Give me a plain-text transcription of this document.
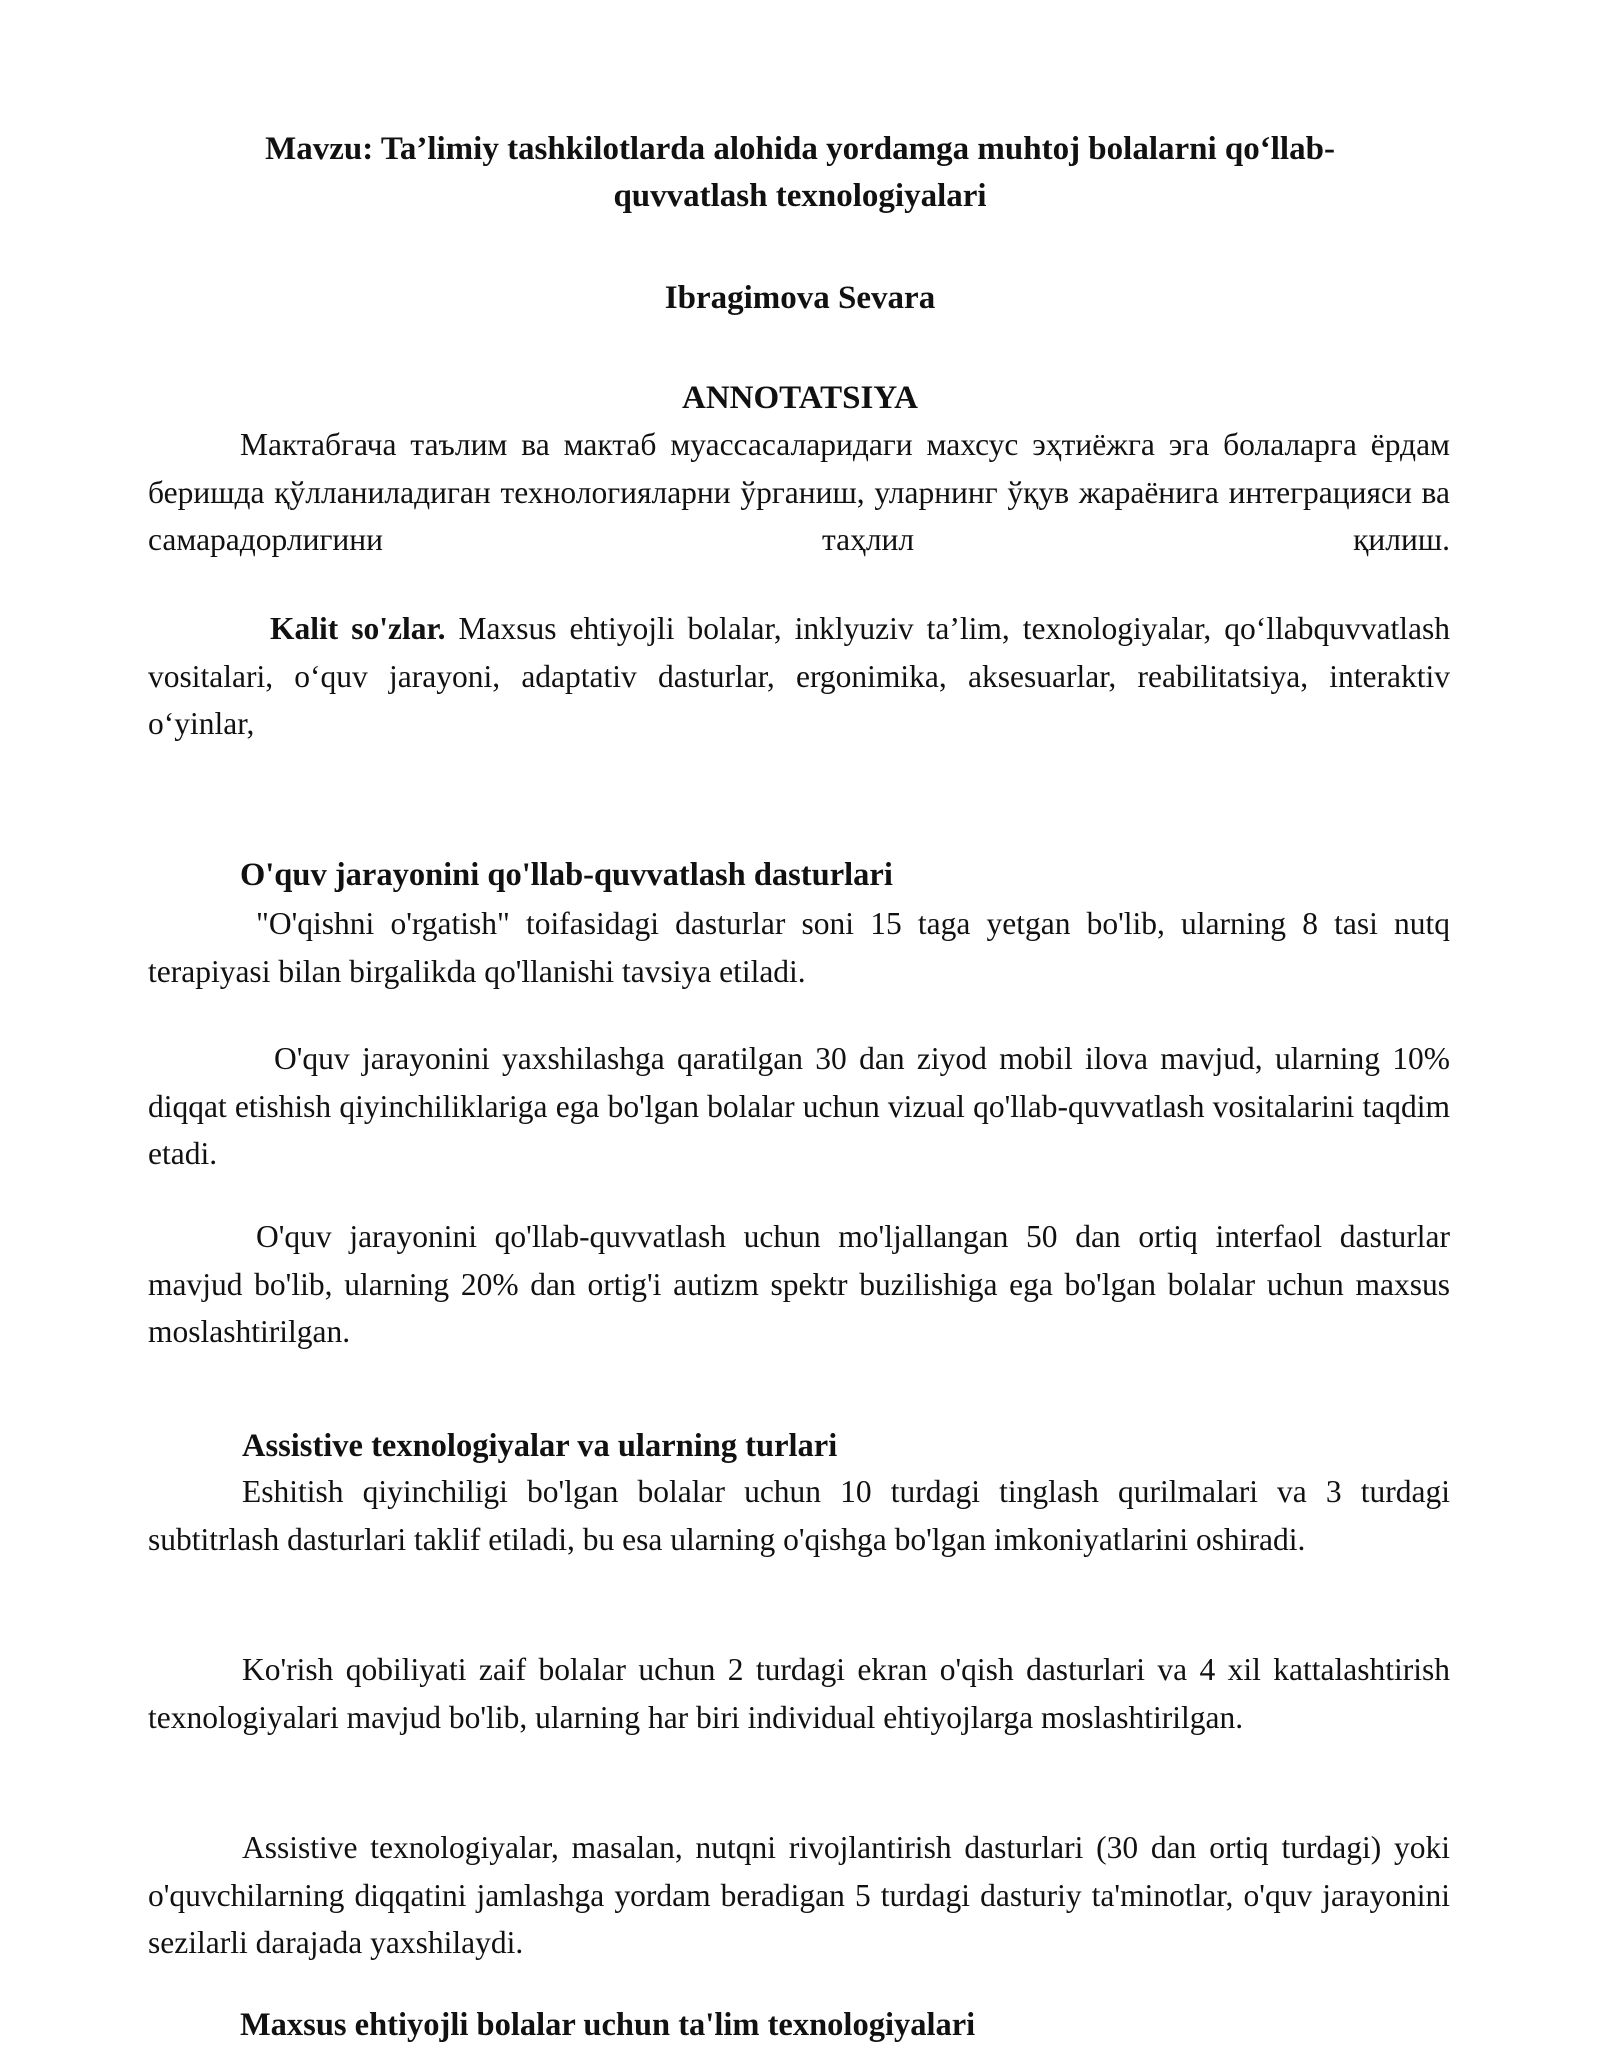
Mavzu: Ta’limiy tashkilotlarda alohida yordamga muhtoj bolalarni qo‘llab-
quvvatlash texnologiyalari
Ibragimova Sevara
ANNOTATSIYA
Мактабгача таълим ва мактаб муассасаларидаги махсус эҳтиёжга эга болаларга ёрдам беришда қўлланиладиган технологияларни ўрганиш, уларнинг ўқув жараёнига интеграцияси ва самарадорлигини таҳлил қилиш.
Kalit so'zlar. Maxsus ehtiyojli bolalar, inklyuziv ta’lim, texnologiyalar, qo‘llabquvvatlash vositalari, o‘quv jarayoni, adaptativ dasturlar, ergonimika, aksesuarlar, reabilitatsiya, interaktiv o‘yinlar,
O'quv jarayonini qo'llab-quvvatlash dasturlari
"O'qishni o'rgatish" toifasidagi dasturlar soni 15 taga yetgan bo'lib, ularning 8 tasi nutq terapiyasi bilan birgalikda qo'llanishi tavsiya etiladi.
O'quv jarayonini yaxshilashga qaratilgan 30 dan ziyod mobil ilova mavjud, ularning 10% diqqat etishish qiyinchiliklariga ega bo'lgan bolalar uchun vizual qo'llab-quvvatlash vositalarini taqdim etadi.
O'quv jarayonini qo'llab-quvvatlash uchun mo'ljallangan 50 dan ortiq interfaol dasturlar mavjud bo'lib, ularning 20% dan ortig'i autizm spektr buzilishiga ega bo'lgan bolalar uchun maxsus moslashtirilgan.
Assistive texnologiyalar va ularning turlari
Eshitish qiyinchiligi bo'lgan bolalar uchun 10 turdagi tinglash qurilmalari va 3 turdagi subtitrlash dasturlari taklif etiladi, bu esa ularning o'qishga bo'lgan imkoniyatlarini oshiradi.
Ko'rish qobiliyati zaif bolalar uchun 2 turdagi ekran o'qish dasturlari va 4 xil kattalashtirish texnologiyalari mavjud bo'lib, ularning har biri individual ehtiyojlarga moslashtirilgan.
Assistive texnologiyalar, masalan, nutqni rivojlantirish dasturlari (30 dan ortiq turdagi) yoki o'quvchilarning diqqatini jamlashga yordam beradigan 5 turdagi dasturiy ta'minotlar, o'quv jarayonini sezilarli darajada yaxshilaydi.
Maxsus ehtiyojli bolalar uchun ta'lim texnologiyalari
